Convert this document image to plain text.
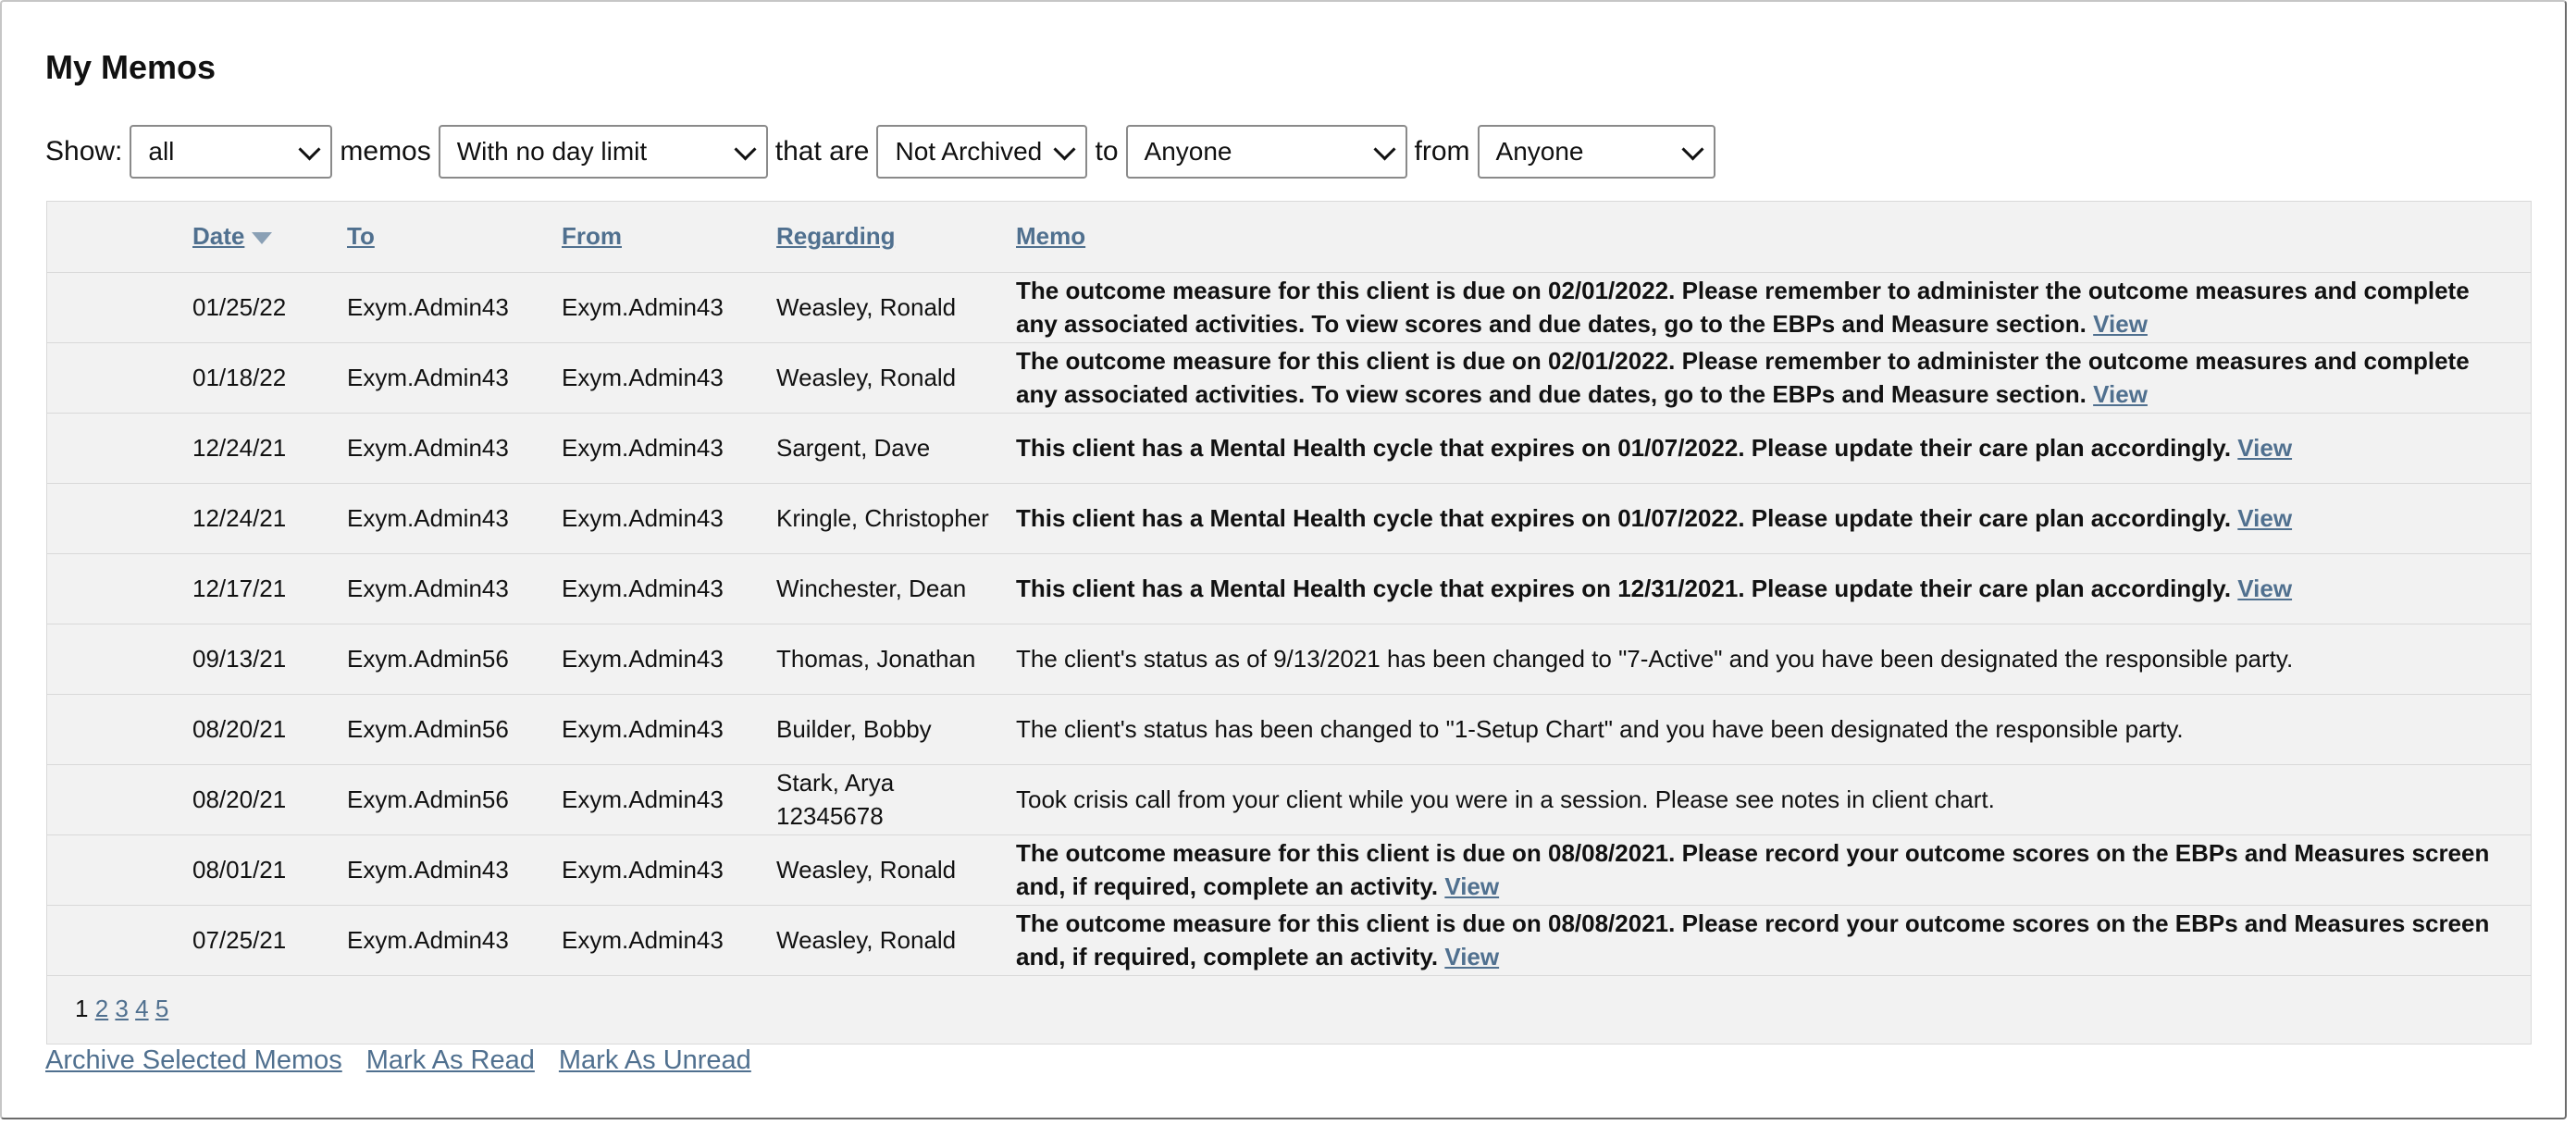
My Memos
Show: all	memos With no day limit	that are Not Archived to Anyone	from Anyone
	Date	To	From	Regarding	Memo
	01/25/22	Exym.Admin43	Exym.Admin43	Weasley, Ronald	The outcome measure for this client is due on 02/01/2022. Please remember to administer the outcome measures and complete any associated activities. To view scores and due dates, go to the EBPs and Measure section. View
	01/18/22	Exym.Admin43	Exym.Admin43	Weasley, Ronald	The outcome measure for this client is due on 02/01/2022. Please remember to administer the outcome measures and complete any associated activities. To view scores and due dates, go to the EBPs and Measure section. View
	12/24/21	Exym.Admin43	Exym.Admin43	Sargent, Dave	This client has a Mental Health cycle that expires on 01/07/2022. Please update their care plan accordingly. View
	12/24/21	Exym.Admin43	Exym.Admin43	Kringle, Christopher	This client has a Mental Health cycle that expires on 01/07/2022. Please update their care plan accordingly. View
	12/17/21	Exym.Admin43	Exym.Admin43	Winchester, Dean	This client has a Mental Health cycle that expires on 12/31/2021. Please update their care plan accordingly. View
	09/13/21	Exym.Admin56	Exym.Admin43	Thomas, Jonathan	The client's status as of 9/13/2021 has been changed to "7-Active" and you have been designated the responsible party.
	08/20/21	Exym.Admin56	Exym.Admin43	Builder, Bobby	The client's status has been changed to "1-Setup Chart" and you have been designated the responsible party.
	08/20/21	Exym.Admin56	Exym.Admin43	Stark, Arya 12345678	Took crisis call from your client while you were in a session. Please see notes in client chart.
	08/01/21	Exym.Admin43	Exym.Admin43	Weasley, Ronald	The outcome measure for this client is due on 08/08/2021. Please record your outcome scores on the EBPs and Measures screen and, if required, complete an activity. View
	07/25/21	Exym.Admin43	Exym.Admin43	Weasley, Ronald	The outcome measure for this client is due on 08/08/2021. Please record your outcome scores on the EBPs and Measures screen and, if required, complete an activity. View
1 2 3 4 5
Archive Selected Memos Mark As Read Mark As Unread
